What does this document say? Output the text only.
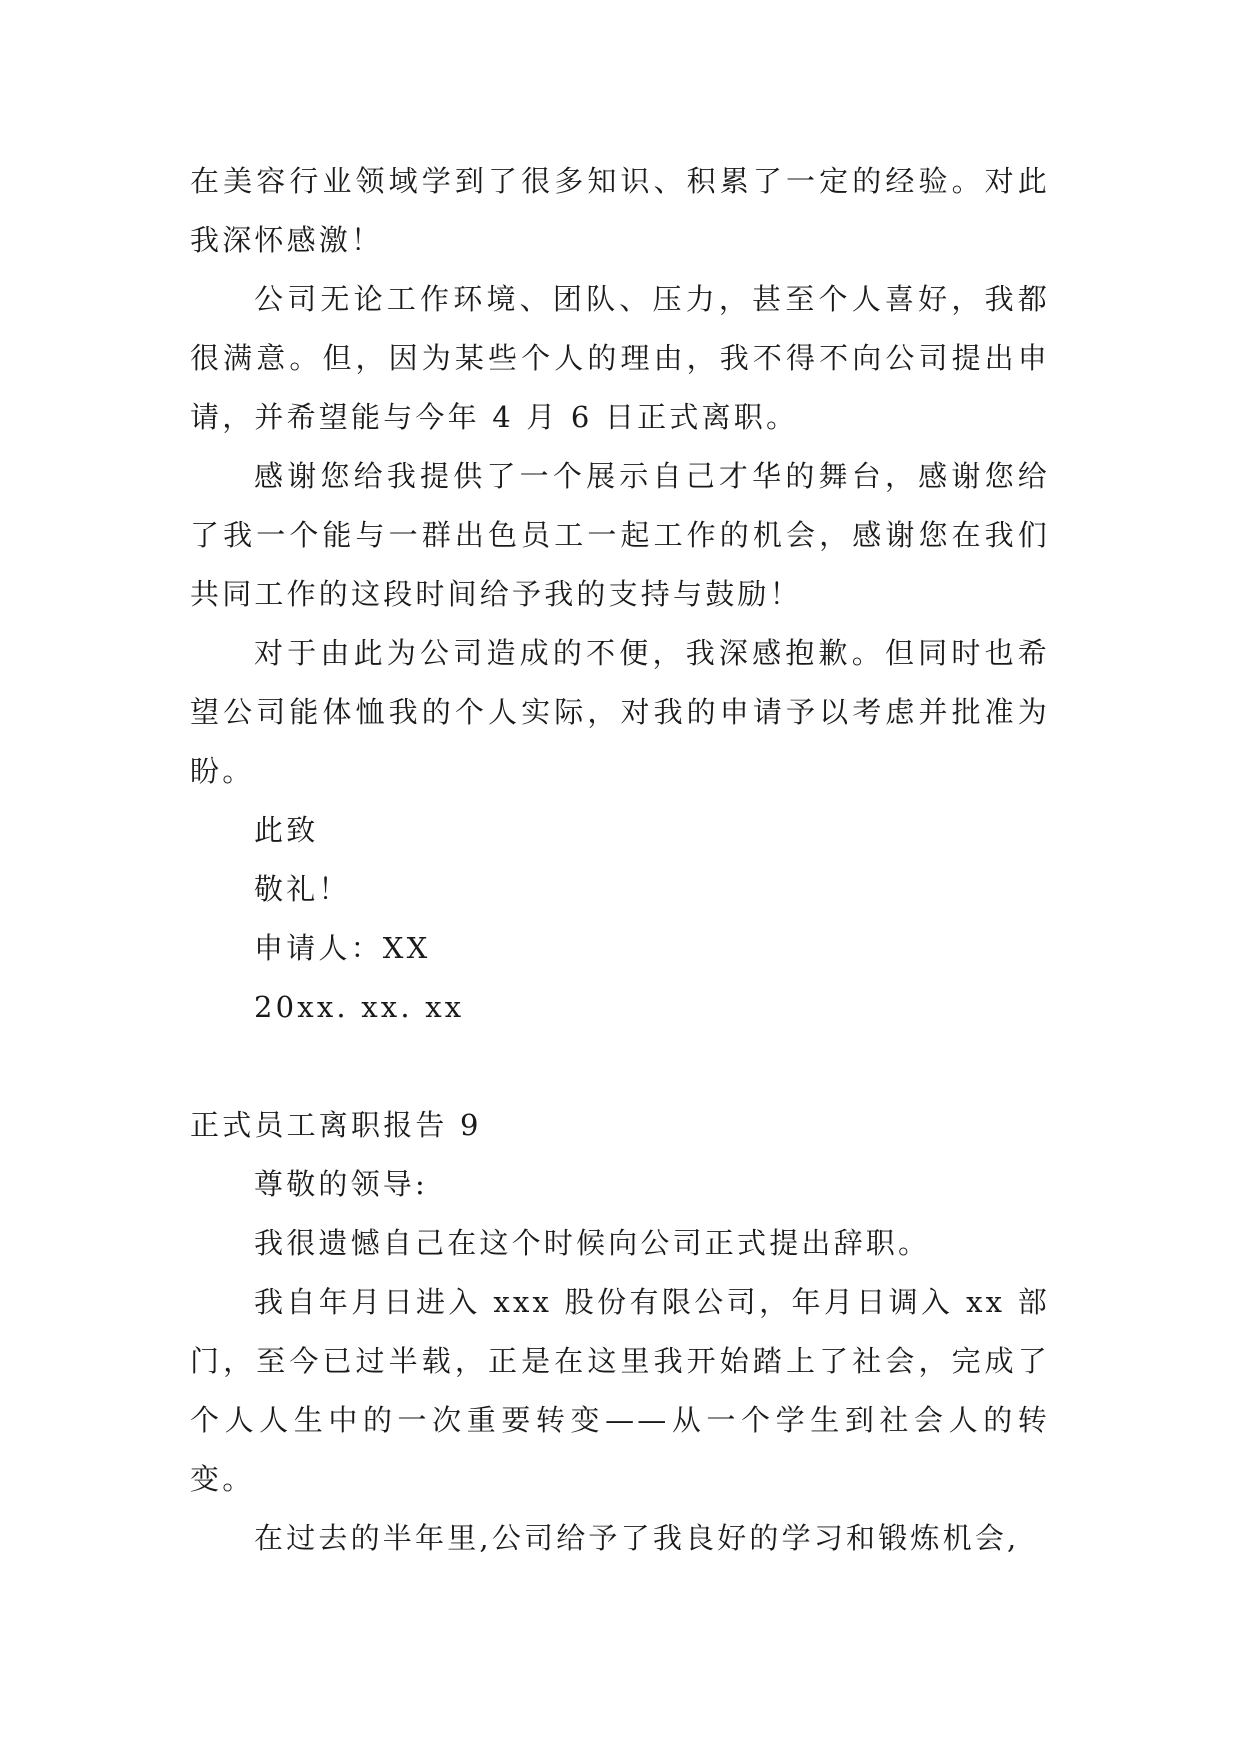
在美容行业领域学到了很多知识、积累了一定的经验。对此我深怀感激！

公司无论工作环境、团队、压力，甚至个人喜好，我都很满意。但，因为某些个人的理由，我不得不向公司提出申请，并希望能与今年 4 月 6 日正式离职。

感谢您给我提供了一个展示自己才华的舞台，感谢您给了我一个能与一群出色员工一起工作的机会，感谢您在我们共同工作的这段时间给予我的支持与鼓励！

对于由此为公司造成的不便，我深感抱歉。但同时也希望公司能体恤我的个人实际，对我的申请予以考虑并批准为盼。

此致

敬礼！

申请人：XX

20xx. xx. xx

正式员工离职报告 9

尊敬的领导:

我很遗憾自己在这个时候向公司正式提出辞职。

我自年月日进入 xxx 股份有限公司，年月日调入 xx 部门，至今已过半载，正是在这里我开始踏上了社会，完成了个人人生中的一次重要转变——从一个学生到社会人的转变。

在过去的半年里,公司给予了我良好的学习和锻炼机会,
